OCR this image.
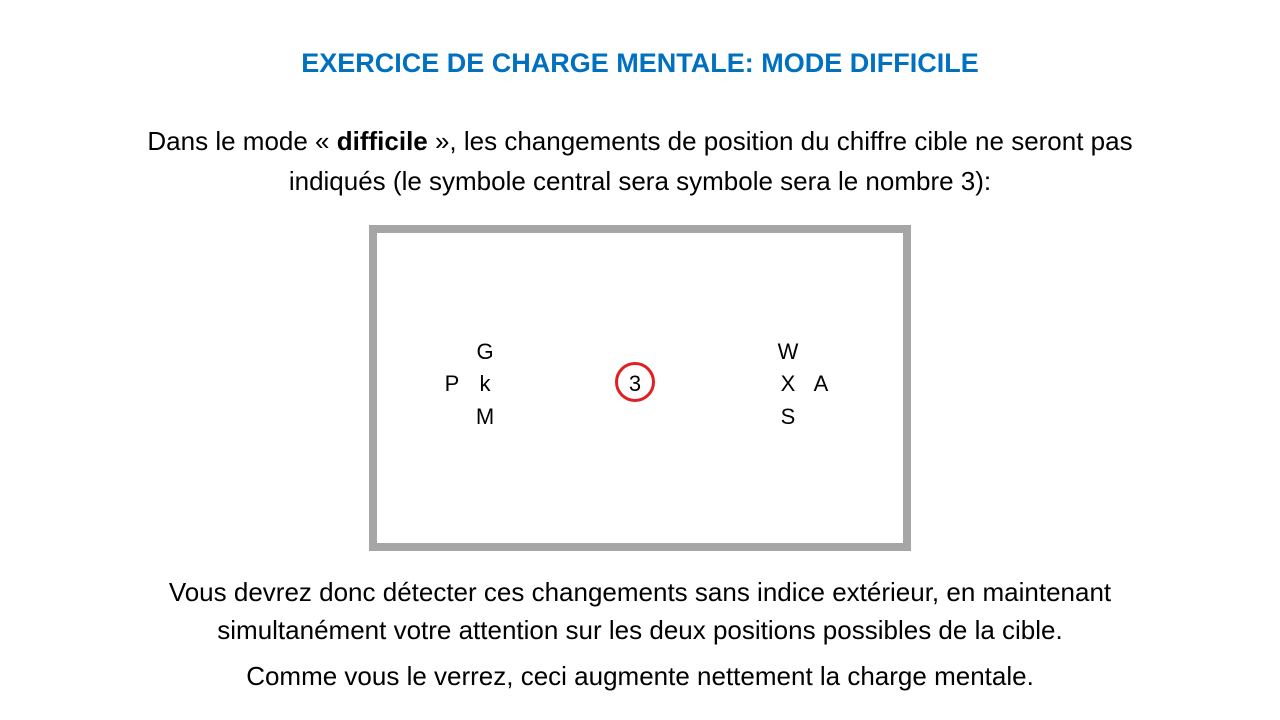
EXERCICE DE CHARGE MENTALE: MODE DIFFICILE
Dans le mode « difficile », les changements de position du chiffre cible ne seront pas
indiqués (le symbole central sera symbole sera le nombre 3):
G
P k
M
3
W
X A
S
Vous devrez donc détecter ces changements sans indice extérieur, en maintenant
simultanément votre attention sur les deux positions possibles de la cible.
Comme vous le verrez, ceci augmente nettement la charge mentale.
